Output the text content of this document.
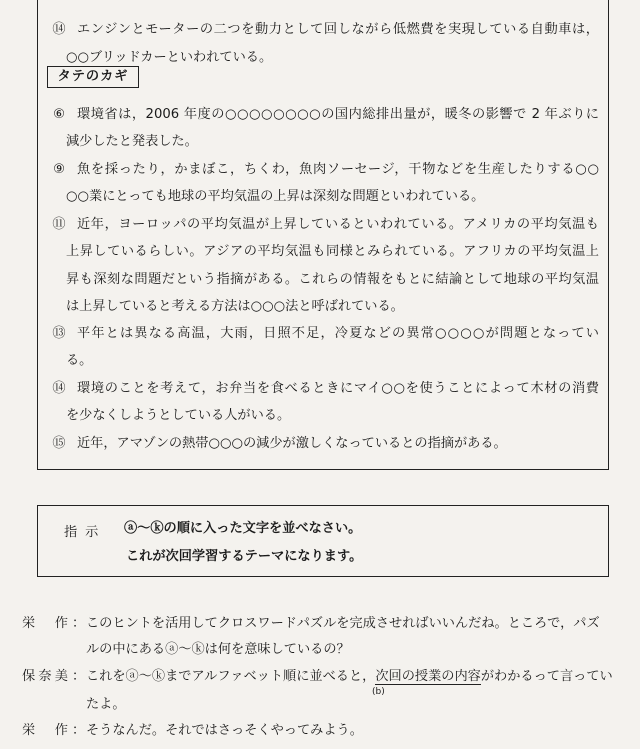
⑭ エンジンとモーターの二つを動力として回しながら低燃費を実現している自動車は，
○○ブリッドカーといわれている。
タテのカギ
⑥ 環境省は，2006 年度の○○○○○○○○の国内総排出量が，暖冬の影響で 2 年ぶりに
減少したと発表した。
⑨ 魚を採ったり，かまぼこ，ちくわ，魚肉ソーセージ，干物などを生産したりする○○
○○業にとっても地球の平均気温の上昇は深刻な問題といわれている。
⑪ 近年，ヨーロッパの平均気温が上昇しているといわれている。アメリカの平均気温も
上昇しているらしい。アジアの平均気温も同様とみられている。アフリカの平均気温上
昇も深刻な問題だという指摘がある。これらの情報をもとに結論として地球の平均気温
は上昇していると考える方法は○○○法と呼ばれている。
⑬ 平年とは異なる高温，大雨，日照不足，冷夏などの異常○○○○が問題となってい
る。
⑭ 環境のことを考えて，お弁当を食べるときにマイ○○を使うことによって木材の消費
を少なくしようとしている人がいる。
⑮ 近年，アマゾンの熱帯○○○の減少が激しくなっているとの指摘がある。
指示 ⓐ～ⓚの順に入った文字を並べなさい。
これが次回学習するテーマになります。
栄作 ： このヒントを活用してクロスワードパズルを完成させればいいんだね。ところで，パズ
ルの中にあるⓐ～ⓚは何を意味しているの？
保奈美 ： これをⓐ～ⓚまでアルファベット順に並べると，次回の授業の内容がわかるって言ってい
(b)
たよ。
栄作 ： そうなんだ。それではさっそくやってみよう。
